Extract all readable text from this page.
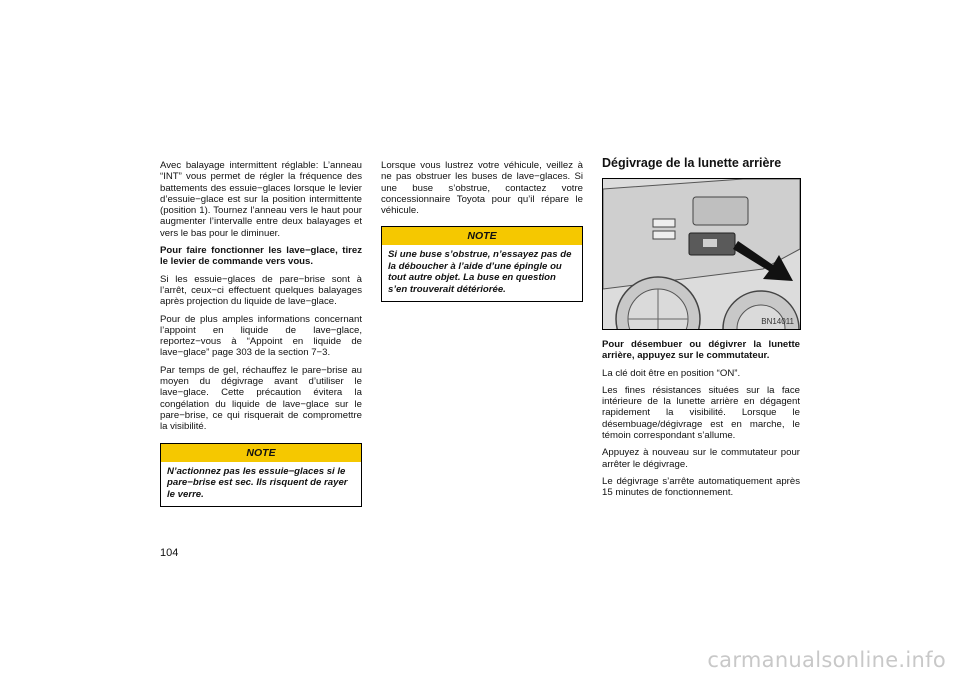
Avec balayage intermittent réglable: L’anneau “INT” vous permet de régler la fréquence des battements des essuie−glaces lorsque le levier d’essuie−glace est sur la position intermittente (position 1). Tournez l’anneau vers le haut pour augmenter l’intervalle entre deux balayages et vers le bas pour le diminuer.

Pour faire fonctionner les lave−glace, tirez le levier de commande vers vous.

Si les essuie−glaces de pare−brise sont à l’arrêt, ceux−ci effectuent quelques balayages après projection du liquide de lave−glace.

Pour de plus amples informations concernant l’appoint en liquide de lave−glace, reportez−vous à “Appoint en liquide de lave−glace” page 303 de la section 7−3.

Par temps de gel, réchauffez le pare−brise au moyen du dégivrage avant d’utiliser le lave−glace. Cette précaution évitera la congélation du liquide de lave−glace sur le pare−brise, ce qui risquerait de compromettre la visibilité.

NOTE
N’actionnez pas les essuie−glaces si le pare−brise est sec. Ils risquent de rayer le verre.

Lorsque vous lustrez votre véhicule, veillez à ne pas obstruer les buses de lave−glaces. Si une buse s’obstrue, contactez votre concessionnaire Toyota pour qu’il répare le véhicule.

NOTE
Si une buse s’obstrue, n’essayez pas de la déboucher à l’aide d’une épingle ou tout autre objet. La buse en question s’en trouverait détériorée.
Dégivrage de la lunette arrière
BN14011

Pour désembuer ou dégivrer la lunette arrière, appuyez sur le commutateur.

La clé doit être en position “ON”.

Les fines résistances situées sur la face intérieure de la lunette arrière en dégagent rapidement la visibilité. Lorsque le désembuage/dégivrage est en marche, le témoin correspondant s’allume.

Appuyez à nouveau sur le commutateur pour arrêter le dégivrage.

Le dégivrage s’arrête automatiquement après 15 minutes de fonctionnement.

104
carmanualsonline.info
